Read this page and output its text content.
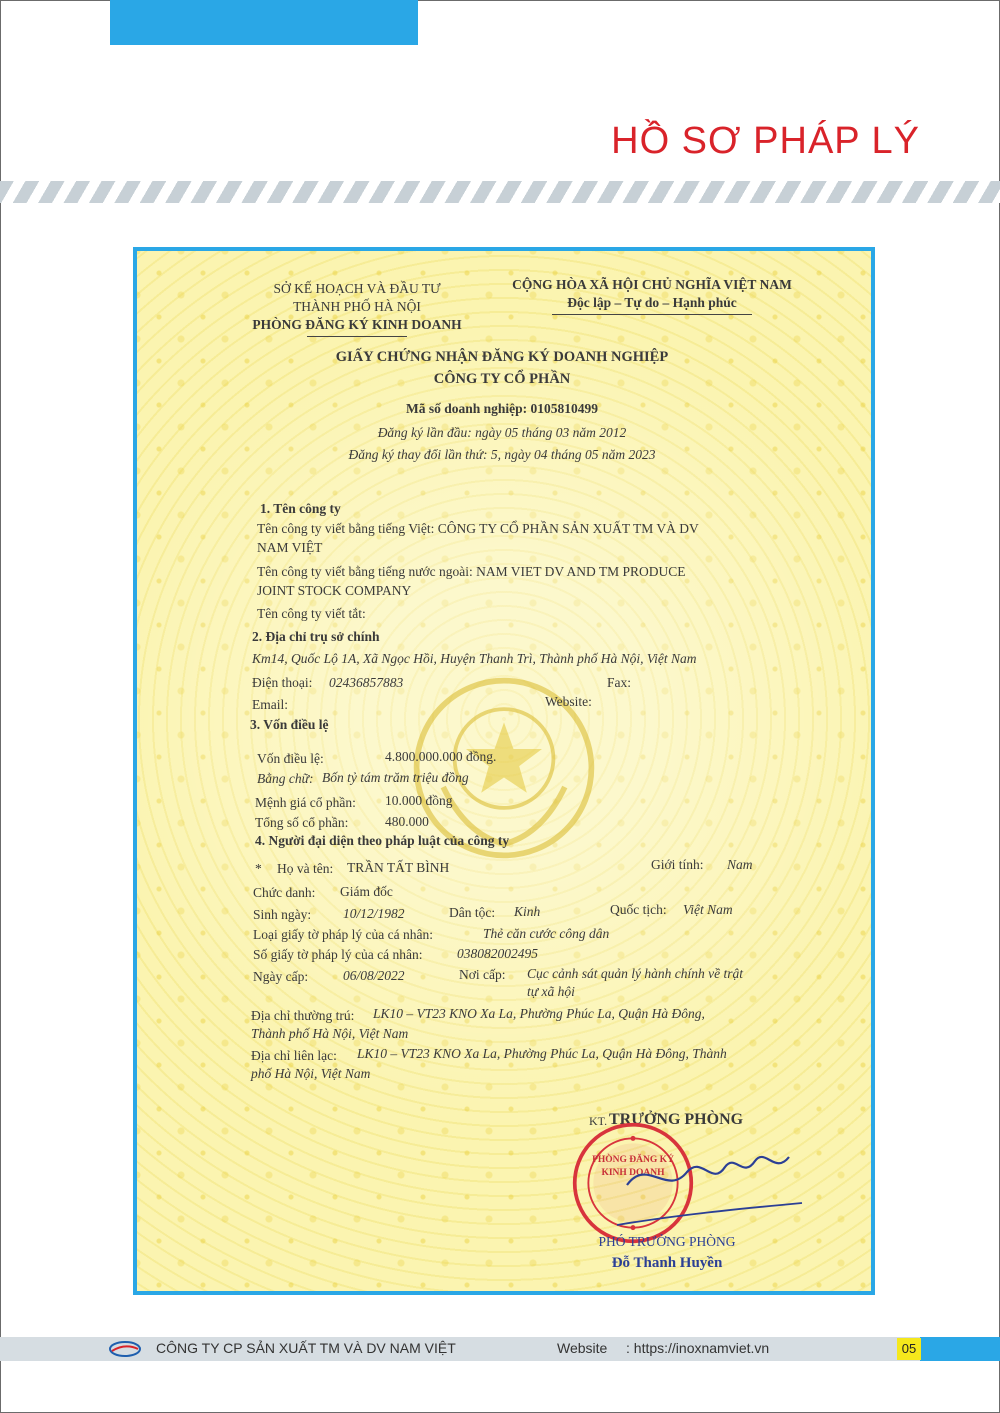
HỒ SƠ PHÁP LÝ
SỞ KẾ HOẠCH VÀ ĐẦU TƯ
THÀNH PHỐ HÀ NỘI
PHÒNG ĐĂNG KÝ KINH DOANH
CỘNG HÒA XÃ HỘI CHỦ NGHĨA VIỆT NAM
Độc lập – Tự do – Hạnh phúc
GIẤY CHỨNG NHẬN ĐĂNG KÝ DOANH NGHIỆP
CÔNG TY CỔ PHẦN
Mã số doanh nghiệp: 0105810499
Đăng ký lần đầu: ngày 05 tháng 03 năm 2012
Đăng ký thay đổi lần thứ: 5, ngày 04 tháng 05 năm 2023
1. Tên công ty
Tên công ty viết bằng tiếng Việt: CÔNG TY CỔ PHẦN SẢN XUẤT TM VÀ DV
NAM VIỆT
Tên công ty viết bằng tiếng nước ngoài: NAM VIET DV AND TM PRODUCE
JOINT STOCK COMPANY
Tên công ty viết tắt:
2. Địa chỉ trụ sở chính
Km14, Quốc Lộ 1A, Xã Ngọc Hồi, Huyện Thanh Trì, Thành phố Hà Nội, Việt Nam
Điện thoại: 02436857883	Fax:
Email:	Website:
3. Vốn điều lệ
Vốn điều lệ:	4.800.000.000 đồng.
Bằng chữ: Bốn tỷ tám trăm triệu đồng
Mệnh giá cổ phần: 10.000 đồng
Tổng số cổ phần:	480.000
4. Người đại diện theo pháp luật của công ty
* Họ và tên: TRẦN TẤT BÌNH	Giới tính: Nam
Chức danh: Giám đốc
Sinh ngày: 10/12/1982	Dân tộc: Kinh	Quốc tịch: Việt Nam
Loại giấy tờ pháp lý của cá nhân:	Thẻ căn cước công dân
Số giấy tờ pháp lý của cá nhân:	038082002495
Ngày cấp:	06/08/2022	Nơi cấp: Cục cảnh sát quản lý hành chính về trật
tự xã hội
Địa chỉ thường trú: LK10 – VT23 KNO Xa La, Phường Phúc La, Quận Hà Đông,
Thành phố Hà Nội, Việt Nam
Địa chỉ liên lạc: LK10 – VT23 KNO Xa La, Phường Phúc La, Quận Hà Đông, Thành
phố Hà Nội, Việt Nam
KT. TRƯỞNG PHÒNG
PHÒNG ĐĂNG KÝ KINH DOANH
PHÓ TRƯỞNG PHÒNG
Đỗ Thanh Huyền
CÔNG TY CP SẢN XUẤT TM VÀ DV NAM VIỆT	Website : https://inoxnamviet.vn	05
